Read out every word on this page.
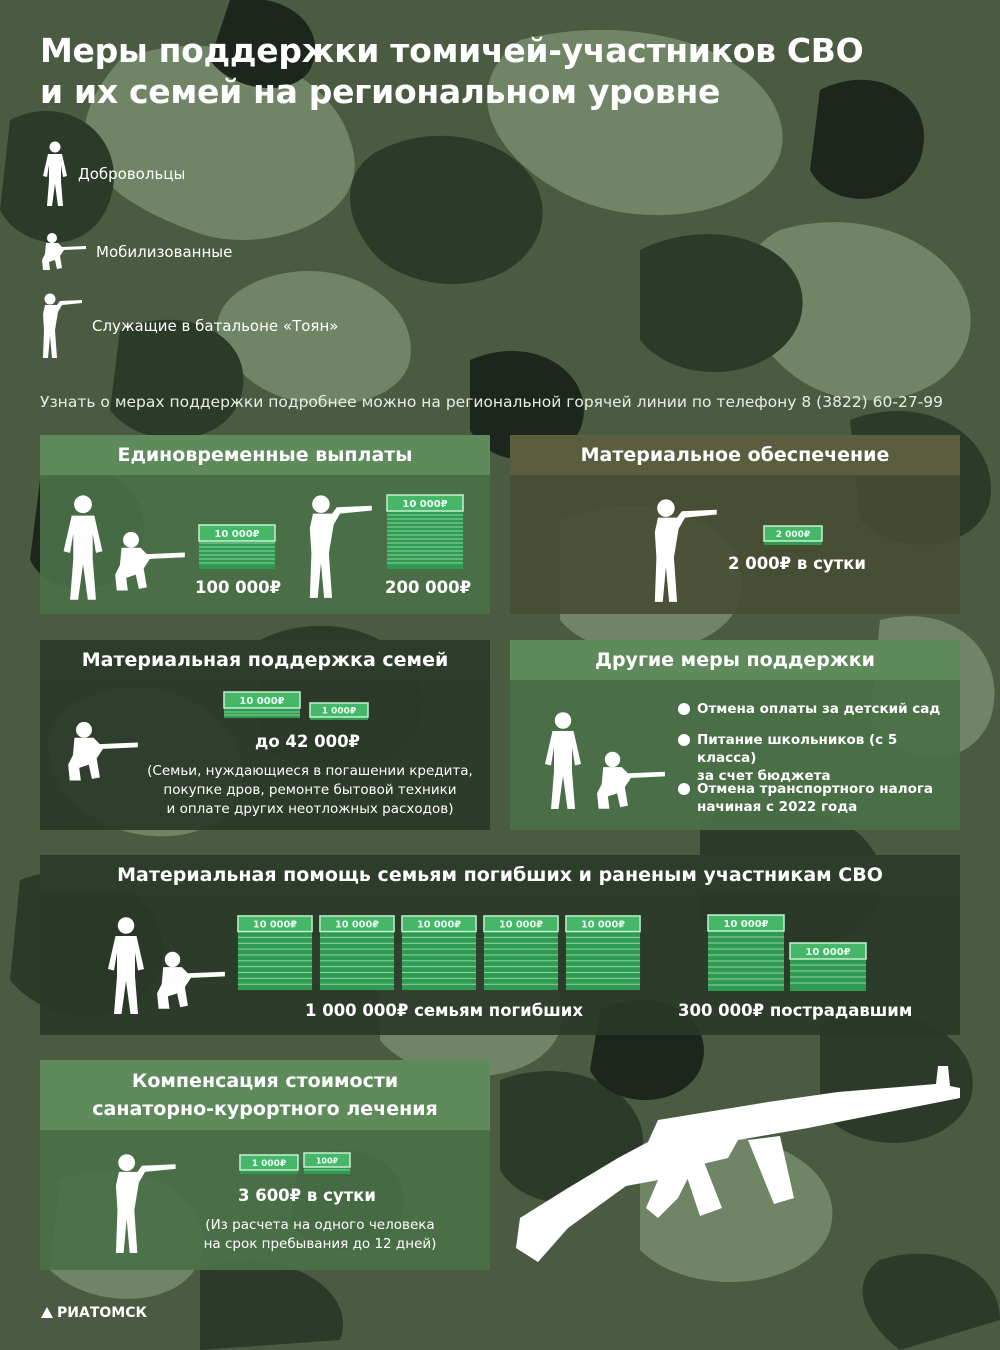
Меры поддержки томичей-участников СВО
и их семей на региональном уровне
Добровольцы
Мобилизованные
Служащие в батальоне «Тоян»
Узнать о мерах поддержки подробнее можно на региональной горячей линии по телефону 8 (3822) 60-27-99
Единовременные выплаты
10 000₽
100 000₽
10 000₽
200 000₽
Материальное обеспечение
2 000₽
2 000₽ в сутки
Материальная поддержка семей
10 000₽
1 000₽
до 42 000₽
(Семьи, нуждающиеся в погашении кредита,
покупке дров, ремонте бытовой техники
и оплате других неотложных расходов)
Другие меры поддержки
Отмена оплаты за детский сад
Питание школьников (с 5 класса)
за счет бюджета
Отмена транспортного налога
начиная с 2022 года
Материальная помощь семьям погибших и раненым участникам СВО
10 000₽	10 000₽	10 000₽	10 000₽	10 000₽
1 000 000₽ семьям погибших
10 000₽
10 000₽
300 000₽ пострадавшим
Компенсация стоимости
санаторно-курортного лечения
1 000₽	100₽
3 600₽ в сутки
(Из расчета на одного человека
на срок пребывания до 12 дней)
РИАТОМСК
